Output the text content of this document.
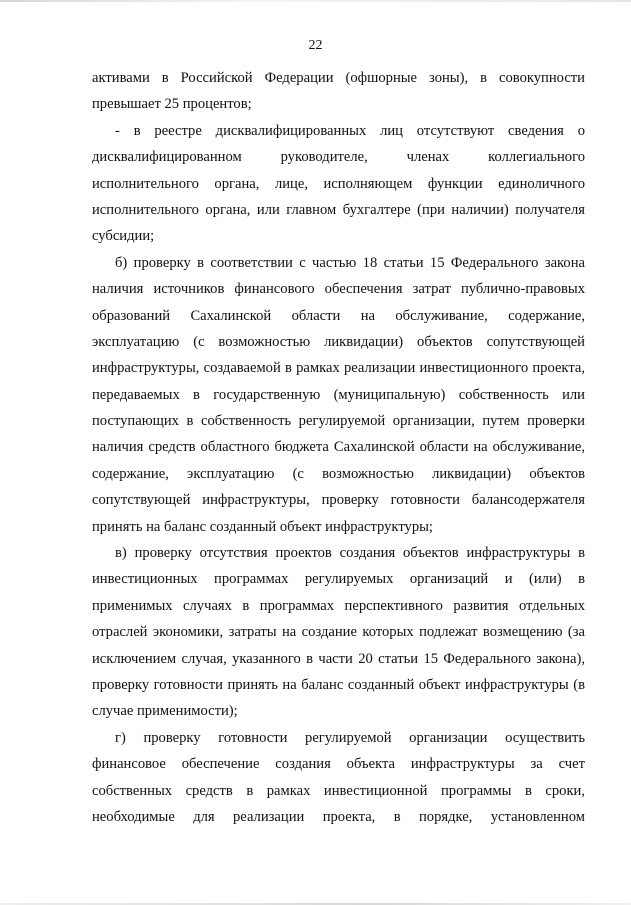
22
активами в Российской Федерации (офшорные зоны), в совокупности
превышает 25 процентов;
- в реестре дисквалифицированных лиц отсутствуют сведения о
дисквалифицированном руководителе, членах коллегиального
исполнительного органа, лице, исполняющем функции единоличного
исполнительного органа, или главном бухгалтере (при наличии) получателя
субсидии;
б) проверку в соответствии с частью 18 статьи 15 Федерального закона
наличия источников финансового обеспечения затрат публично-правовых
образований Сахалинской области на обслуживание, содержание,
эксплуатацию (с возможностью ликвидации) объектов сопутствующей
инфраструктуры, создаваемой в рамках реализации инвестиционного проекта,
передаваемых в государственную (муниципальную) собственность или
поступающих в собственность регулируемой организации, путем проверки
наличия средств областного бюджета Сахалинской области на обслуживание,
содержание, эксплуатацию (с возможностью ликвидации) объектов
сопутствующей инфраструктуры, проверку готовности балансодержателя
принять на баланс созданный объект инфраструктуры;
в) проверку отсутствия проектов создания объектов инфраструктуры в
инвестиционных программах регулируемых организаций и (или) в
применимых случаях в программах перспективного развития отдельных
отраслей экономики, затраты на создание которых подлежат возмещению (за
исключением случая, указанного в части 20 статьи 15 Федерального закона),
проверку готовности принять на баланс созданный объект инфраструктуры (в
случае применимости);
г) проверку готовности регулируемой организации осуществить
финансовое обеспечение создания объекта инфраструктуры за счет
собственных средств в рамках инвестиционной программы в сроки,
необходимые для реализации проекта, в порядке, установленном
